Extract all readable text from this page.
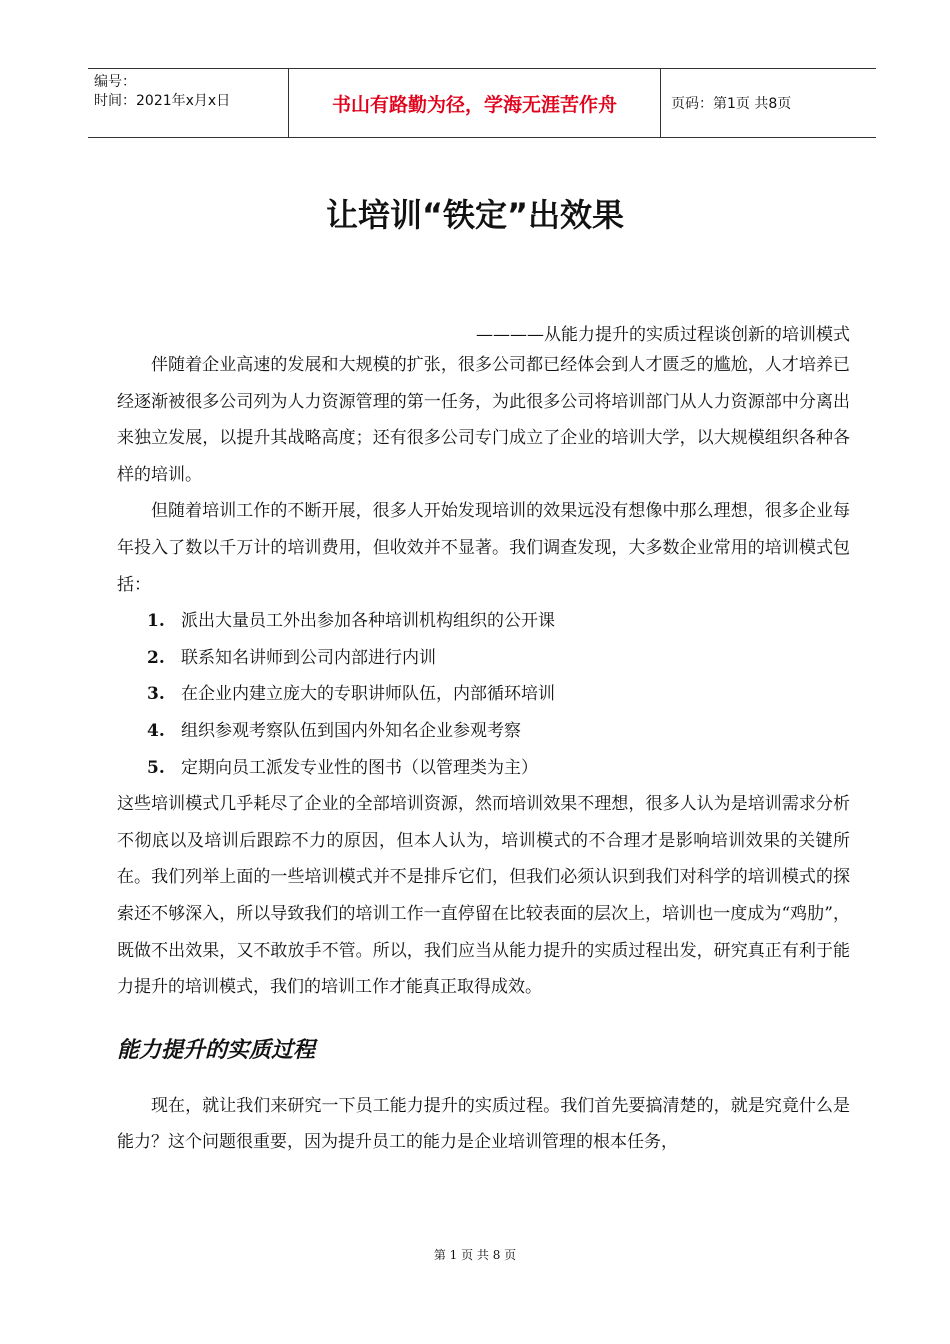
编号：
时间：2021年x月x日	书山有路勤为径，学海无涯苦作舟	页码：第1页 共8页
让培训“铁定”出效果
————从能力提升的实质过程谈创新的培训模式

伴随着企业高速的发展和大规模的扩张，很多公司都已经体会到人才匮乏的尴尬，人才培养已经逐渐被很多公司列为人力资源管理的第一任务，为此很多公司将培训部门从人力资源部中分离出来独立发展，以提升其战略高度；还有很多公司专门成立了企业的培训大学，以大规模组织各种各样的培训。

但随着培训工作的不断开展，很多人开始发现培训的效果远没有想像中那么理想，很多企业每年投入了数以千万计的培训费用，但收效并不显著。我们调查发现，大多数企业常用的培训模式包括：

1. 派出大量员工外出参加各种培训机构组织的公开课
2. 联系知名讲师到公司内部进行内训
3. 在企业内建立庞大的专职讲师队伍，内部循环培训
4. 组织参观考察队伍到国内外知名企业参观考察
5. 定期向员工派发专业性的图书（以管理类为主）

这些培训模式几乎耗尽了企业的全部培训资源，然而培训效果不理想，很多人认为是培训需求分析不彻底以及培训后跟踪不力的原因，但本人认为，培训模式的不合理才是影响培训效果的关键所在。我们列举上面的一些培训模式并不是排斥它们，但我们必须认识到我们对科学的培训模式的探索还不够深入，所以导致我们的培训工作一直停留在比较表面的层次上，培训也一度成为“鸡肋”，既做不出效果，又不敢放手不管。所以，我们应当从能力提升的实质过程出发，研究真正有利于能力提升的培训模式，我们的培训工作才能真正取得成效。

能力提升的实质过程

现在，就让我们来研究一下员工能力提升的实质过程。我们首先要搞清楚的，就是究竟什么是能力？这个问题很重要，因为提升员工的能力是企业培训管理的根本任务，

第 1 页 共 8 页
